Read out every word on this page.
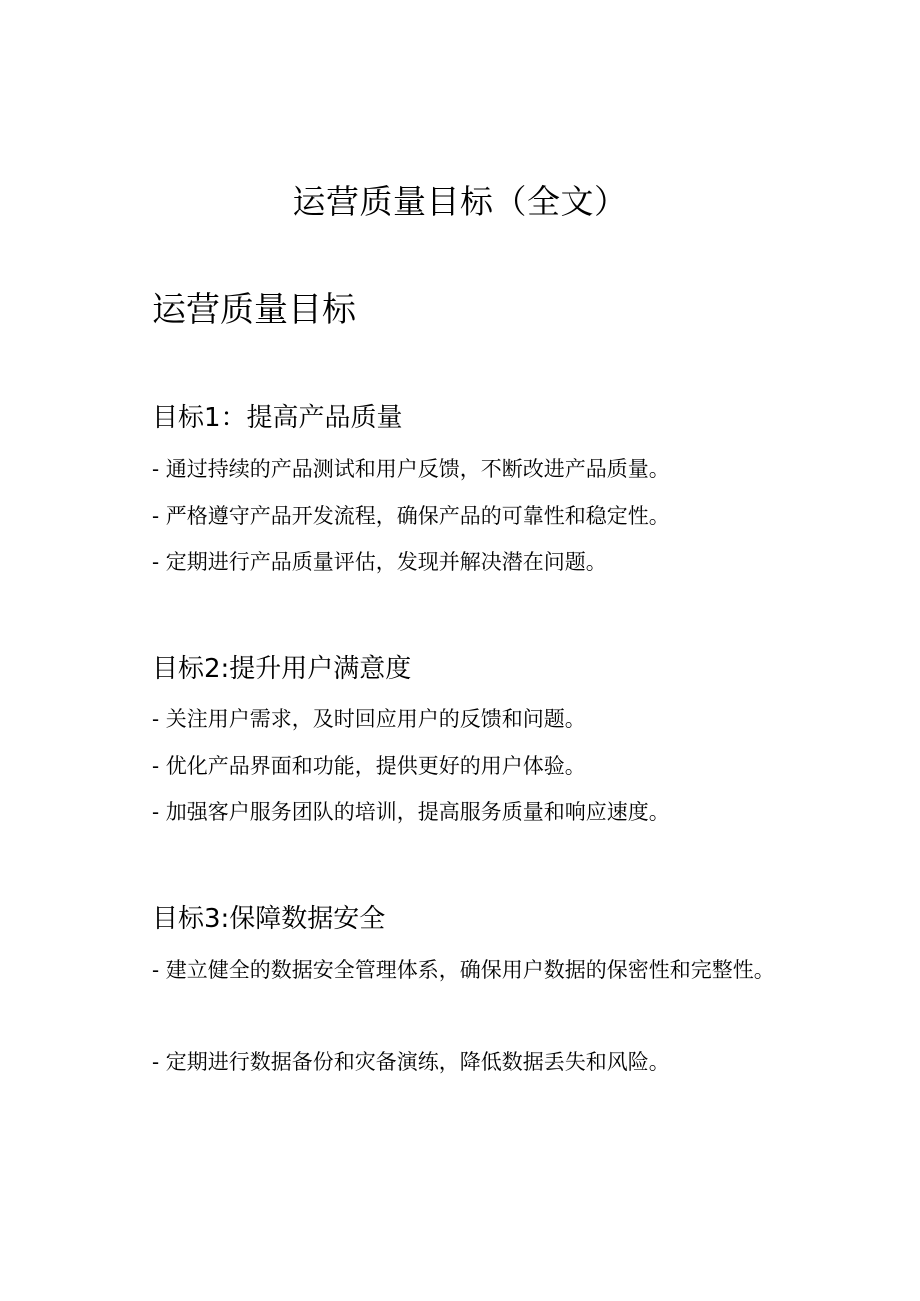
运营质量目标（全文）
运营质量目标
目标1：提高产品质量
- 通过持续的产品测试和用户反馈，不断改进产品质量。
- 严格遵守产品开发流程，确保产品的可靠性和稳定性。
- 定期进行产品质量评估，发现并解决潜在问题。
目标2:提升用户满意度
- 关注用户需求，及时回应用户的反馈和问题。
- 优化产品界面和功能，提供更好的用户体验。
- 加强客户服务团队的培训，提高服务质量和响应速度。
目标3:保障数据安全
- 建立健全的数据安全管理体系，确保用户数据的保密性和完整性。
- 定期进行数据备份和灾备演练，降低数据丢失和风险。
